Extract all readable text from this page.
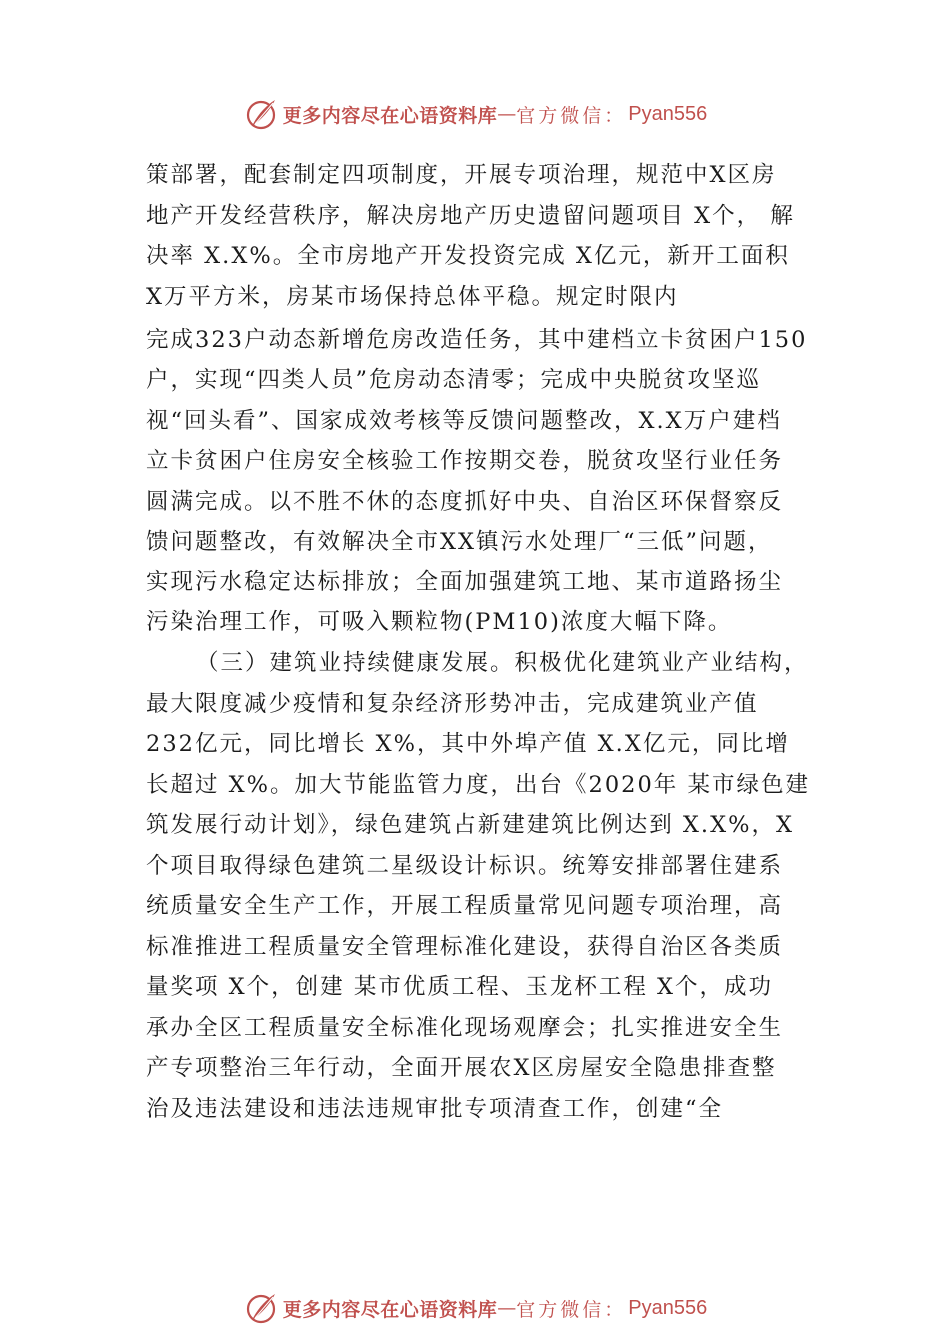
更多内容尽在心语资料库 — 官方微信： Pyan556
策部署，配套制定四项制度，开展专项治理，规范中X区房
地产开发经营秩序，解决房地产历史遗留问题项目 X个， 解
决率 X.X%。全市房地产开发投资完成 X亿元，新开工面积
X万平方米，房某市场保持总体平稳。规定时限内
完成323户动态新增危房改造任务，其中建档立卡贫困户150
户，实现“四类人员”危房动态清零；完成中央脱贫攻坚巡
视“回头看”、国家成效考核等反馈问题整改，X.X万户建档
立卡贫困户住房安全核验工作按期交卷，脱贫攻坚行业任务
圆满完成。以不胜不休的态度抓好中央、自治区环保督察反
馈问题整改，有效解决全市XX镇污水处理厂“三低”问题，
实现污水稳定达标排放；全面加强建筑工地、某市道路扬尘
污染治理工作，可吸入颗粒物(PM10)浓度大幅下降。
（三）建筑业持续健康发展。积极优化建筑业产业结构，
最大限度减少疫情和复杂经济形势冲击，完成建筑业产值
232亿元，同比增长 X%，其中外埠产值 X.X亿元，同比增
长超过 X%。加大节能监管力度，出台《2020年 某市绿色建
筑发展行动计划》，绿色建筑占新建建筑比例达到 X.X%，X
个项目取得绿色建筑二星级设计标识。统筹安排部署住建系
统质量安全生产工作，开展工程质量常见问题专项治理，高
标准推进工程质量安全管理标准化建设，获得自治区各类质
量奖项 X个，创建 某市优质工程、玉龙杯工程 X个，成功
承办全区工程质量安全标准化现场观摩会；扎实推进安全生
产专项整治三年行动，全面开展农X区房屋安全隐患排查整
治及违法建设和违法违规审批专项清查工作，创建“全
更多内容尽在心语资料库 — 官方微信： Pyan556
